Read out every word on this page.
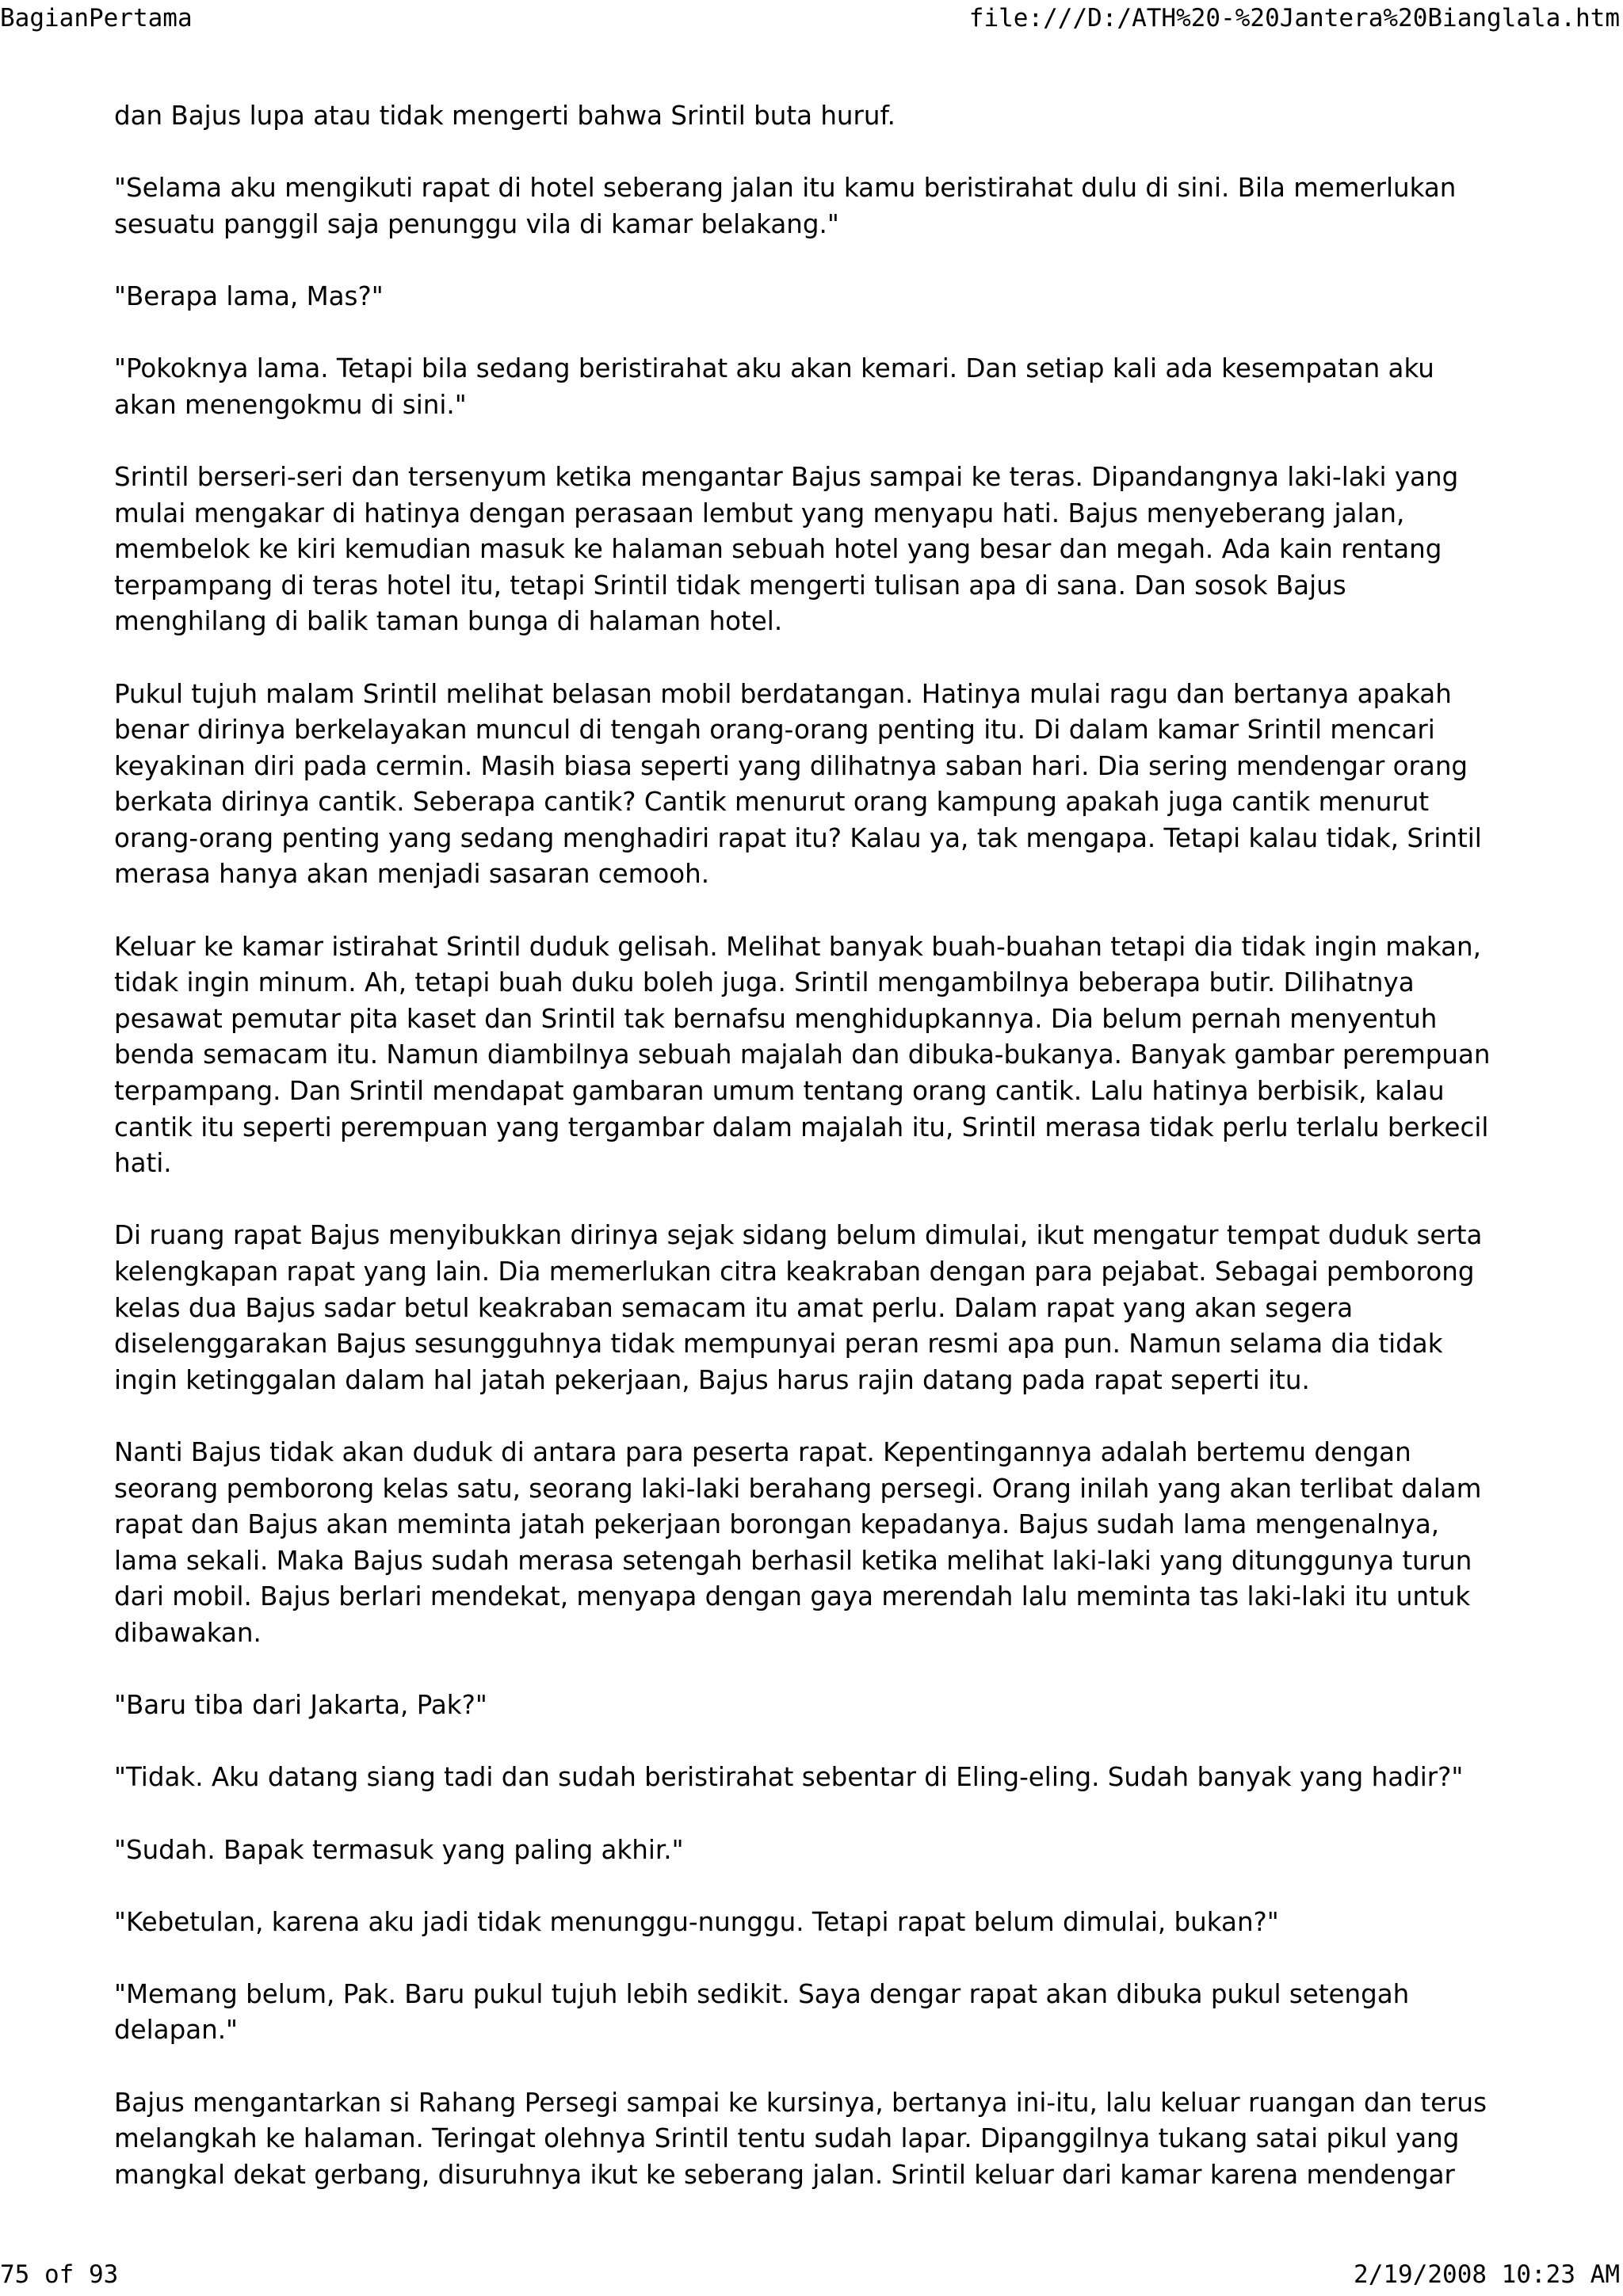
BagianPertama	file:///D:/ATH%20-%20Jantera%20Bianglala.htm

dan Bajus lupa atau tidak mengerti bahwa Srintil buta huruf.

"Selama aku mengikuti rapat di hotel seberang jalan itu kamu beristirahat dulu di sini. Bila memerlukan sesuatu panggil saja penunggu vila di kamar belakang."

"Berapa lama, Mas?"

"Pokoknya lama. Tetapi bila sedang beristirahat aku akan kemari. Dan setiap kali ada kesempatan aku akan menengokmu di sini."

Srintil berseri-seri dan tersenyum ketika mengantar Bajus sampai ke teras. Dipandangnya laki-laki yang mulai mengakar di hatinya dengan perasaan lembut yang menyapu hati. Bajus menyeberang jalan, membelok ke kiri kemudian masuk ke halaman sebuah hotel yang besar dan megah. Ada kain rentang terpampang di teras hotel itu, tetapi Srintil tidak mengerti tulisan apa di sana. Dan sosok Bajus menghilang di balik taman bunga di halaman hotel.

Pukul tujuh malam Srintil melihat belasan mobil berdatangan. Hatinya mulai ragu dan bertanya apakah benar dirinya berkelayakan muncul di tengah orang-orang penting itu. Di dalam kamar Srintil mencari keyakinan diri pada cermin. Masih biasa seperti yang dilihatnya saban hari. Dia sering mendengar orang berkata dirinya cantik. Seberapa cantik? Cantik menurut orang kampung apakah juga cantik menurut orang-orang penting yang sedang menghadiri rapat itu? Kalau ya, tak mengapa. Tetapi kalau tidak, Srintil merasa hanya akan menjadi sasaran cemooh.

Keluar ke kamar istirahat Srintil duduk gelisah. Melihat banyak buah-buahan tetapi dia tidak ingin makan, tidak ingin minum. Ah, tetapi buah duku boleh juga. Srintil mengambilnya beberapa butir. Dilihatnya pesawat pemutar pita kaset dan Srintil tak bernafsu menghidupkannya. Dia belum pernah menyentuh benda semacam itu. Namun diambilnya sebuah majalah dan dibuka-bukanya. Banyak gambar perempuan terpampang. Dan Srintil mendapat gambaran umum tentang orang cantik. Lalu hatinya berbisik, kalau cantik itu seperti perempuan yang tergambar dalam majalah itu, Srintil merasa tidak perlu terlalu berkecil hati.

Di ruang rapat Bajus menyibukkan dirinya sejak sidang belum dimulai, ikut mengatur tempat duduk serta kelengkapan rapat yang lain. Dia memerlukan citra keakraban dengan para pejabat. Sebagai pemborong kelas dua Bajus sadar betul keakraban semacam itu amat perlu. Dalam rapat yang akan segera diselenggarakan Bajus sesungguhnya tidak mempunyai peran resmi apa pun. Namun selama dia tidak ingin ketinggalan dalam hal jatah pekerjaan, Bajus harus rajin datang pada rapat seperti itu.

Nanti Bajus tidak akan duduk di antara para peserta rapat. Kepentingannya adalah bertemu dengan seorang pemborong kelas satu, seorang laki-laki berahang persegi. Orang inilah yang akan terlibat dalam rapat dan Bajus akan meminta jatah pekerjaan borongan kepadanya. Bajus sudah lama mengenalnya, lama sekali. Maka Bajus sudah merasa setengah berhasil ketika melihat laki-laki yang ditunggunya turun dari mobil. Bajus berlari mendekat, menyapa dengan gaya merendah lalu meminta tas laki-laki itu untuk dibawakan.

"Baru tiba dari Jakarta, Pak?"

"Tidak. Aku datang siang tadi dan sudah beristirahat sebentar di Eling-eling. Sudah banyak yang hadir?"

"Sudah. Bapak termasuk yang paling akhir."

"Kebetulan, karena aku jadi tidak menunggu-nunggu. Tetapi rapat belum dimulai, bukan?"

"Memang belum, Pak. Baru pukul tujuh lebih sedikit. Saya dengar rapat akan dibuka pukul setengah delapan."

Bajus mengantarkan si Rahang Persegi sampai ke kursinya, bertanya ini-itu, lalu keluar ruangan dan terus melangkah ke halaman. Teringat olehnya Srintil tentu sudah lapar. Dipanggilnya tukang satai pikul yang mangkal dekat gerbang, disuruhnya ikut ke seberang jalan. Srintil keluar dari kamar karena mendengar

75 of 93	2/19/2008 10:23 AM
